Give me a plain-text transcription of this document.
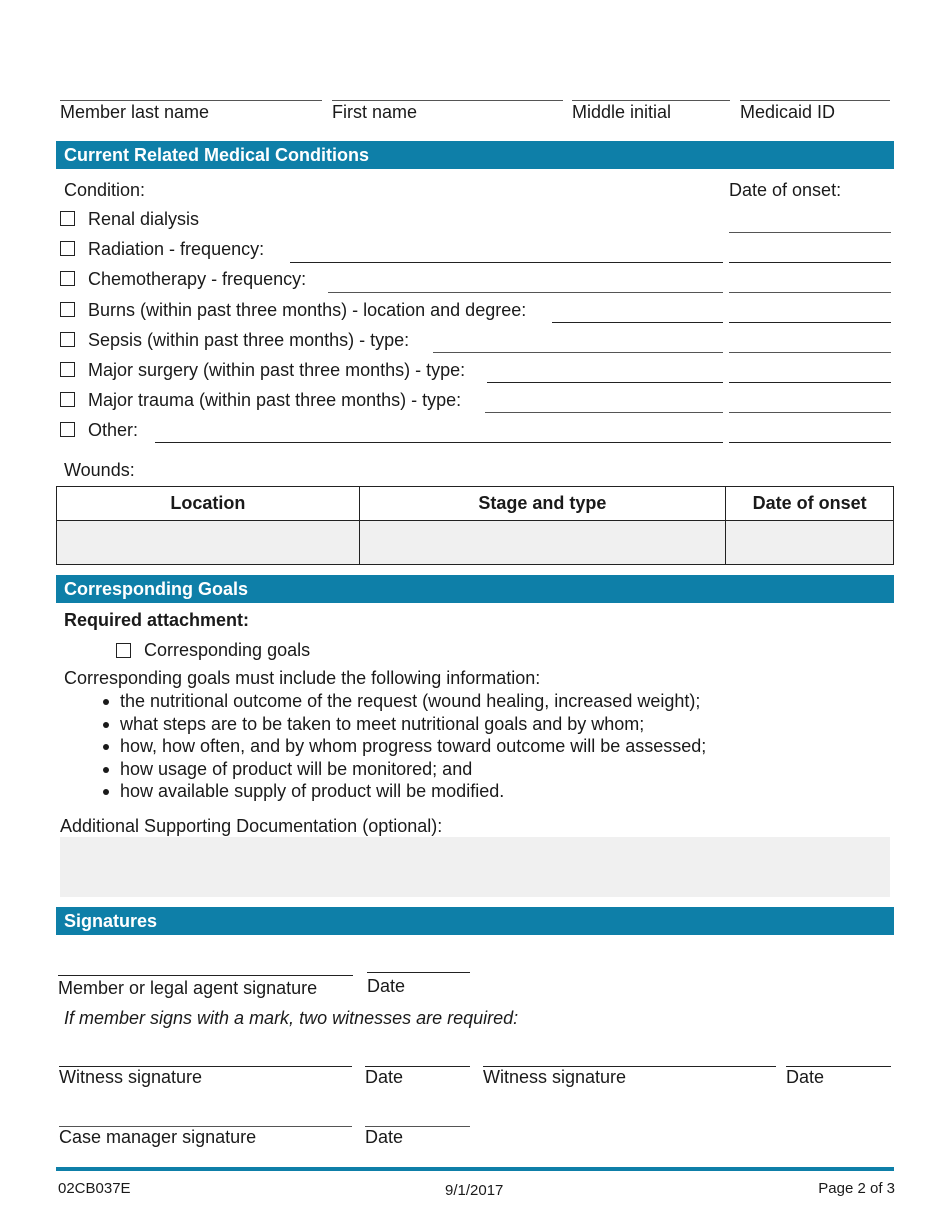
Member last name	First name	Middle initial	Medicaid ID
Current Related Medical Conditions
Condition:	Date of onset:
Renal dialysis
Radiation - frequency:
Chemotherapy - frequency:
Burns (within past three months) - location and degree:
Sepsis (within past three months) - type:
Major surgery (within past three months) - type:
Major trauma (within past three months) - type:
Other:
Wounds:
Location	Stage and type	Date of onset

Corresponding Goals
Required attachment:
Corresponding goals
Corresponding goals must include the following information:
the nutritional outcome of the request (wound healing, increased weight);
what steps are to be taken to meet nutritional goals and by whom;
how, how often, and by whom progress toward outcome will be assessed;
how usage of product will be monitored; and
how available supply of product will be modified.
Additional Supporting Documentation (optional):
Signatures
Member or legal agent signature	Date
If member signs with a mark, two witnesses are required:
Witness signature	Date	Witness signature	Date
Case manager signature	Date
02CB037E	9/1/2017	Page 2 of 3
